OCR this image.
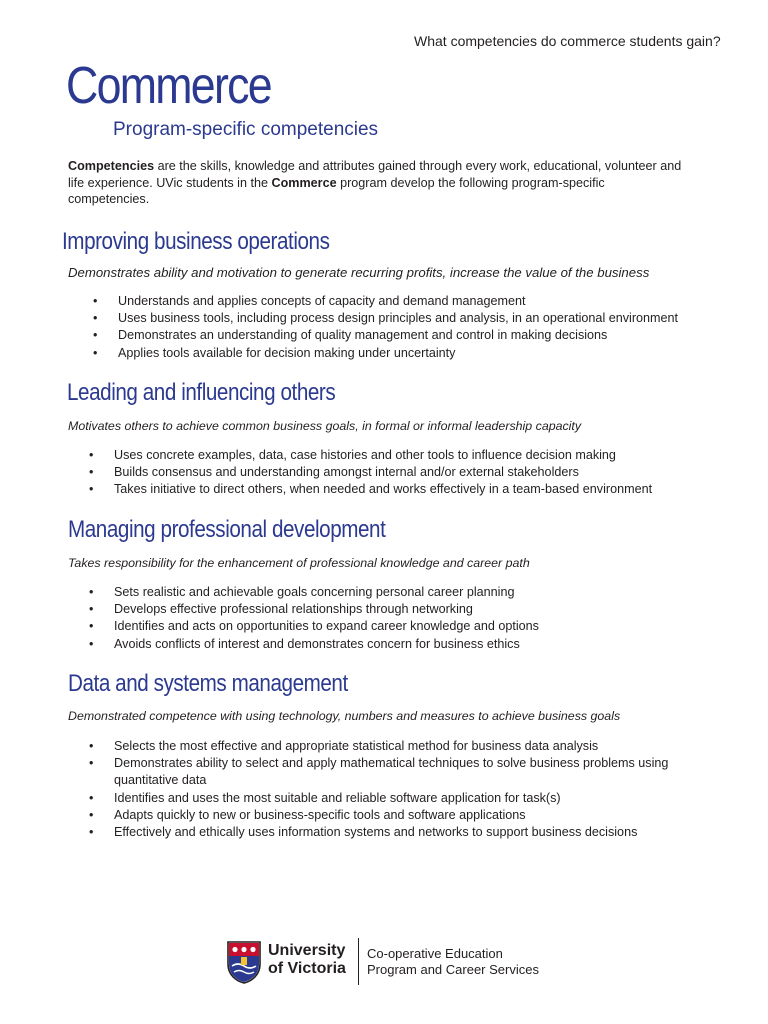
What competencies do commerce students gain?
Commerce
Program-specific competencies
Competencies are the skills, knowledge and attributes gained through every work, educational, volunteer and life experience. UVic students in the Commerce program develop the following program-specific competencies.
Improving business operations
Demonstrates ability and motivation to generate recurring profits, increase the value of the business
• Understands and applies concepts of capacity and demand management
• Uses business tools, including process design principles and analysis, in an operational environment
• Demonstrates an understanding of quality management and control in making decisions
• Applies tools available for decision making under uncertainty
Leading and influencing others
Motivates others to achieve common business goals, in formal or informal leadership capacity
• Uses concrete examples, data, case histories and other tools to influence decision making
• Builds consensus and understanding amongst internal and/or external stakeholders
• Takes initiative to direct others, when needed and works effectively in a team-based environment
Managing professional development
Takes responsibility for the enhancement of professional knowledge and career path
• Sets realistic and achievable goals concerning personal career planning
• Develops effective professional relationships through networking
• Identifies and acts on opportunities to expand career knowledge and options
• Avoids conflicts of interest and demonstrates concern for business ethics
Data and systems management
Demonstrated competence with using technology, numbers and measures to achieve business goals
• Selects the most effective and appropriate statistical method for business data analysis
• Demonstrates ability to select and apply mathematical techniques to solve business problems using quantitative data
• Identifies and uses the most suitable and reliable software application for task(s)
• Adapts quickly to new or business-specific tools and software applications
• Effectively and ethically uses information systems and networks to support business decisions
University
of Victoria
Co-operative Education
Program and Career Services
